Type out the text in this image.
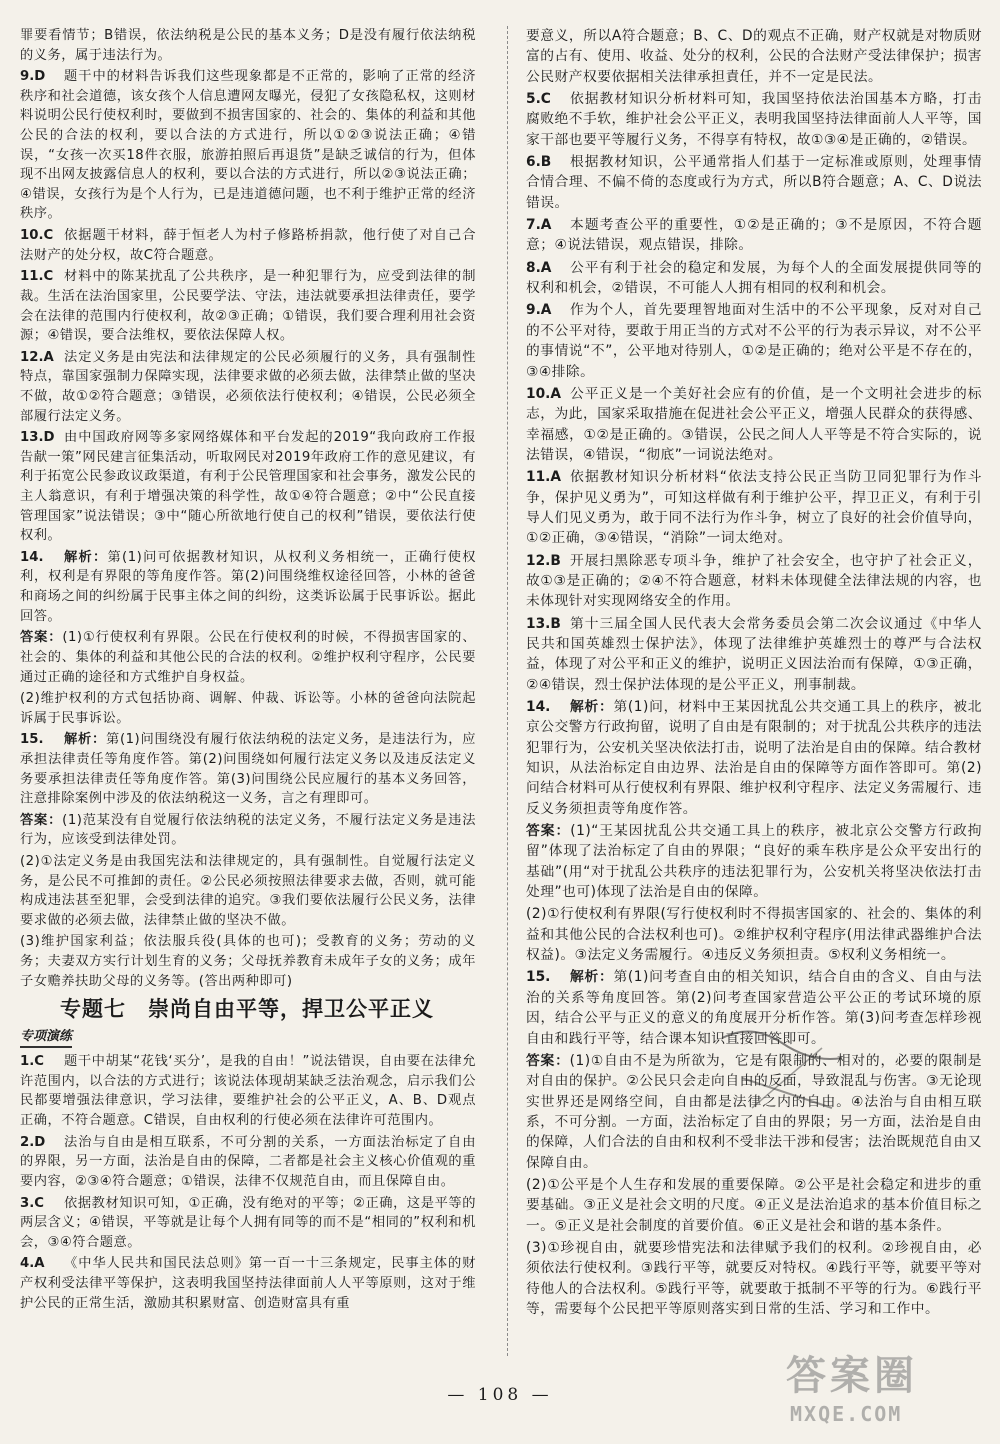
罪要看情节；B错误，依法纳税是公民的基本义务；D是没有履行依法纳税的义务，属于违法行为。
9.D	题干中的材料告诉我们这些现象都是不正常的，影响了正常的经济秩序和社会道德，该女孩个人信息遭网友曝光，侵犯了女孩隐私权，这则材料说明公民行使权利时，要做到不损害国家的、社会的、集体的利益和其他公民的合法的权利，要以合法的方式进行，所以①②③说法正确；④错误，“女孩一次买18件衣服，旅游拍照后再退货”是缺乏诚信的行为，但体现不出网友披露信息人的权利，要以合法的方式进行，所以②③说法正确；④错误，女孩行为是个人行为，已是违道德问题，也不利于维护正常的经济秩序。
10.C 依据题干材料，薛于恒老人为村子修路桥捐款，他行使了对自己合法财产的处分权，故C符合题意。
11.C 材料中的陈某扰乱了公共秩序，是一种犯罪行为，应受到法律的制裁。生活在法治国家里，公民要学法、守法，违法就要承担法律责任，要学会在法律的范围内行使权利，故②③正确；①错误，我们要合理利用社会资源；④错误，要合法维权，要依法保障人权。
12.A 法定义务是由宪法和法律规定的公民必须履行的义务，具有强制性特点，靠国家强制力保障实现，法律要求做的必须去做，法律禁止做的坚决不做，故①②符合题意；③错误，必须依法行使权利；④错误，公民必须全部履行法定义务。
13.D 由中国政府网等多家网络媒体和平台发起的2019“我向政府工作报告献一策”网民建言征集活动，听取网民对2019年政府工作的意见建议，有利于拓宽公民参政议政渠道，有利于公民管理国家和社会事务，激发公民的主人翁意识，有利于增强决策的科学性，故①④符合题意；②中“公民直接管理国家”说法错误；③中“随心所欲地行使自己的权利”错误，要依法行使权利。
14.	解析：第(1)问可依据教材知识，从权利义务相统一，正确行使权利，权利是有界限的等角度作答。第(2)问围绕维权途径回答，小林的爸爸和商场之间的纠纷属于民事主体之间的纠纷，这类诉讼属于民事诉讼。据此回答。
答案：(1)①行使权利有界限。公民在行使权利的时候，不得损害国家的、社会的、集体的利益和其他公民的合法的权利。②维护权利守程序，公民要通过正确的途径和方式维护自身权益。
(2)维护权利的方式包括协商、调解、仲裁、诉讼等。小林的爸爸向法院起诉属于民事诉讼。
15.	解析：第(1)问围绕没有履行依法纳税的法定义务，是违法行为，应承担法律责任等角度作答。第(2)问围绕如何履行法定义务以及违反法定义务要承担法律责任等角度作答。第(3)问围绕公民应履行的基本义务回答，注意排除案例中涉及的依法纳税这一义务，言之有理即可。
答案：(1)范某没有自觉履行依法纳税的法定义务，不履行法定义务是违法行为，应该受到法律处罚。
(2)①法定义务是由我国宪法和法律规定的，具有强制性。自觉履行法定义务，是公民不可推卸的责任。②公民必须按照法律要求去做，否则，就可能构成违法甚至犯罪，会受到法律的追究。③我们要依法履行公民义务，法律要求做的必须去做，法律禁止做的坚决不做。
(3)维护国家利益；依法服兵役(具体的也可)；受教育的义务；劳动的义务；夫妻双方实行计划生育的义务；父母抚养教育未成年子女的义务；成年子女赡养扶助父母的义务等。(答出两种即可)
专题七　崇尚自由平等，捍卫公平正义
专项演练
1.C	题干中胡某“花钱‘买分’，是我的自由！”说法错误，自由要在法律允许范围内，以合法的方式进行；该说法体现胡某缺乏法治观念，启示我们公民都要增强法律意识，学习法律，要维护社会的公平正义，A、B、D观点正确，不符合题意。C错误，自由权利的行使必须在法律许可范围内。
2.D	法治与自由是相互联系，不可分割的关系，一方面法治标定了自由的界限，另一方面，法治是自由的保障，二者都是社会主义核心价值观的重要内容，②③④符合题意；①错误，法律不仅规范自由，而且保障自由。
3.C	依据教材知识可知，①正确，没有绝对的平等；②正确，这是平等的两层含义；④错误，平等就是让每个人拥有同等的而不是“相同的”权利和机会，③④符合题意。
4.A	《中华人民共和国民法总则》第一百一十三条规定，民事主体的财产权利受法律平等保护，这表明我国坚持法律面前人人平等原则，这对于维护公民的正常生活，激励其积累财富、创造财富具有重
要意义，所以A符合题意；B、C、D的观点不正确，财产权就是对物质财富的占有、使用、收益、处分的权利，公民的合法财产受法律保护；损害公民财产权要依据相关法律承担責任，并不一定是民法。
5.C	依据教材知识分析材料可知，我国坚持依法治国基本方略，打击腐败绝不手软，维护社会公平正义，表明我国坚持法律面前人人平等，国家干部也要平等履行义务，不得享有特权，故①③④是正确的，②错误。
6.B	根据教材知识，公平通常指人们基于一定标准或原则，处理事情合情合理、不偏不倚的态度或行为方式，所以B符合题意；A、C、D说法错误。
7.A	本题考查公平的重要性，①②是正确的；③不是原因，不符合题意；④说法错误，观点错误，排除。
8.A	公平有利于社会的稳定和发展，为每个人的全面发展提供同等的权利和机会，②错误，不可能人人拥有相同的权利和机会。
9.A	作为个人，首先要理智地面对生活中的不公平现象，反对对自己的不公平对待，要敢于用正当的方式对不公平的行为表示异议，对不公平的事情说“不”，公平地对待别人，①②是正确的；绝对公平是不存在的，③④排除。
10.A 公平正义是一个美好社会应有的价值，是一个文明社会进步的标志，为此，国家采取措施在促进社会公平正义，增强人民群众的获得感、幸福感，①②是正确的。③错误，公民之间人人平等是不符合实际的，说法错误，④错误，“彻底”一词说法绝对。
11.A 依据教材知识分析材料“依法支持公民正当防卫同犯罪行为作斗争，保护见义勇为”，可知这样做有利于维护公平，捍卫正义，有利于引导人们见义勇为，敢于同不法行为作斗争，树立了良好的社会价值导向，①②正确，③④错误，“消除”一词太绝对。
12.B 开展扫黑除恶专项斗争，维护了社会安全，也守护了社会正义，故①③是正确的；②④不符合题意，材料未体现健全法律法规的内容，也未体现针对实现网络安全的作用。
13.B 第十三届全国人民代表大会常务委员会第二次会议通过《中华人民共和国英雄烈士保护法》，体现了法律维护英雄烈士的尊严与合法权益，体现了对公平和正义的维护，说明正义因法治而有保障，①③正确，②④错误，烈士保护法体现的是公平正义，刑事制裁。
14.	解析：第(1)问，材料中王某因扰乱公共交通工具上的秩序，被北京公交警方行政拘留，说明了自由是有限制的；对于扰乱公共秩序的违法犯罪行为，公安机关坚决依法打击，说明了法治是自由的保障。结合教材知识，从法治标定自由边界、法治是自由的保障等方面作答即可。第(2)问结合材料可从行使权利有界限、维护权利守程序、法定义务需履行、违反义务须担责等角度作答。
答案：(1)“王某因扰乱公共交通工具上的秩序，被北京公交警方行政拘留”体现了法治标定了自由的界限；“良好的乘车秩序是公众平安出行的基础”(用“对于扰乱公共秩序的违法犯罪行为，公安机关将坚决依法打击处理”也可)体现了法治是自由的保障。
(2)①行使权利有界限(写行使权利时不得损害国家的、社会的、集体的利益和其他公民的合法权利也可)。②维护权利守程序(用法律武器维护合法权益)。③法定义务需履行。④违反义务须担责。⑤权利义务相统一。
15.	解析：第(1)问考查自由的相关知识，结合自由的含义、自由与法治的关系等角度回答。第(2)问考查国家营造公平公正的考试环境的原因，结合公平与正义的意义的角度展开分析作答。第(3)问考查怎样珍视自由和践行平等，结合课本知识直接回答即可。
答案：(1)①自由不是为所欲为，它是有限制的、相对的，必要的限制是对自由的保护。②公民只会走向自由的反面，导致混乱与伤害。③无论现实世界还是网络空间，自由都是法律之内的自由。④法治与自由相互联系，不可分割。一方面，法治标定了自由的界限；另一方面，法治是自由的保障，人们合法的自由和权利不受非法干涉和侵害；法治既规范自由又保障自由。
(2)①公平是个人生存和发展的重要保障。②公平是社会稳定和进步的重要基础。③正义是社会文明的尺度。④正义是法治追求的基本价值目标之一。⑤正义是社会制度的首要价值。⑥正义是社会和谐的基本条件。
(3)①珍视自由，就要珍惜宪法和法律赋予我们的权利。②珍视自由，必须依法行使权利。③践行平等，就要反对特权。④践行平等，就要平等对待他人的合法权利。⑤践行平等，就要敢于抵制不平等的行为。⑥践行平等，需要每个公民把平等原则落实到日常的生活、学习和工作中。
— 108 —	答案圈
MXQE.COM
